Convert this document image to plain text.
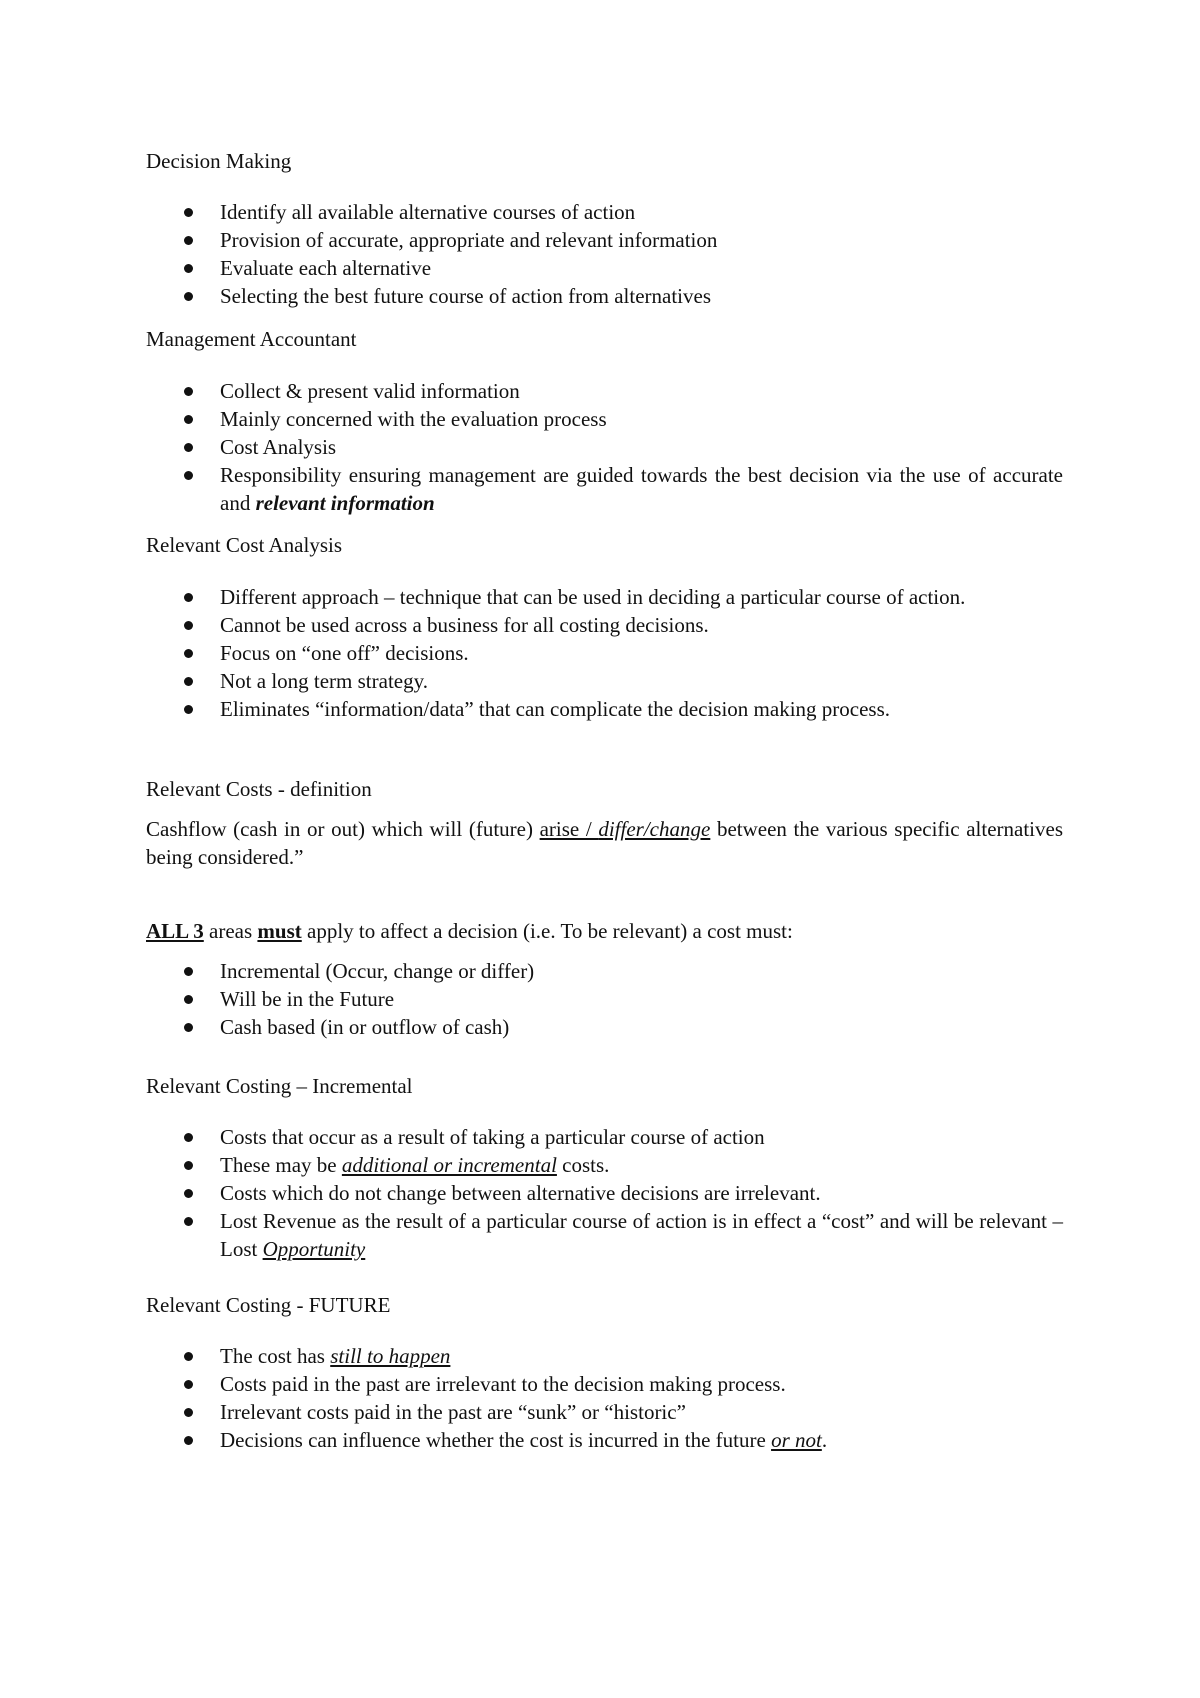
Decision Making
Identify all available alternative courses of action
Provision of accurate, appropriate and relevant information
Evaluate each alternative
Selecting the best future course of action from alternatives
Management Accountant
Collect & present valid information
Mainly concerned with the evaluation process
Cost Analysis
Responsibility ensuring management are guided towards the best decision via the use of accurate and relevant information
Relevant Cost Analysis
Different approach – technique that can be used in deciding a particular course of action.
Cannot be used across a business for all costing decisions.
Focus on “one off” decisions.
Not a long term strategy.
Eliminates “information/data” that can complicate the decision making process.
Relevant Costs - definition

Cashflow (cash in or out) which will (future) arise / differ/change between the various specific alternatives being considered.”

ALL 3 areas must apply to affect a decision (i.e. To be relevant) a cost must:

Incremental (Occur, change or differ)
Will be in the Future
Cash based (in or outflow of cash)
Relevant Costing – Incremental
Costs that occur as a result of taking a particular course of action
These may be additional or incremental costs.
Costs which do not change between alternative decisions are irrelevant.
Lost Revenue as the result of a particular course of action is in effect a “cost” and will be relevant – Lost Opportunity
Relevant Costing - FUTURE
The cost has still to happen
Costs paid in the past are irrelevant to the decision making process.
Irrelevant costs paid in the past are “sunk” or “historic”
Decisions can influence whether the cost is incurred in the future or not.
